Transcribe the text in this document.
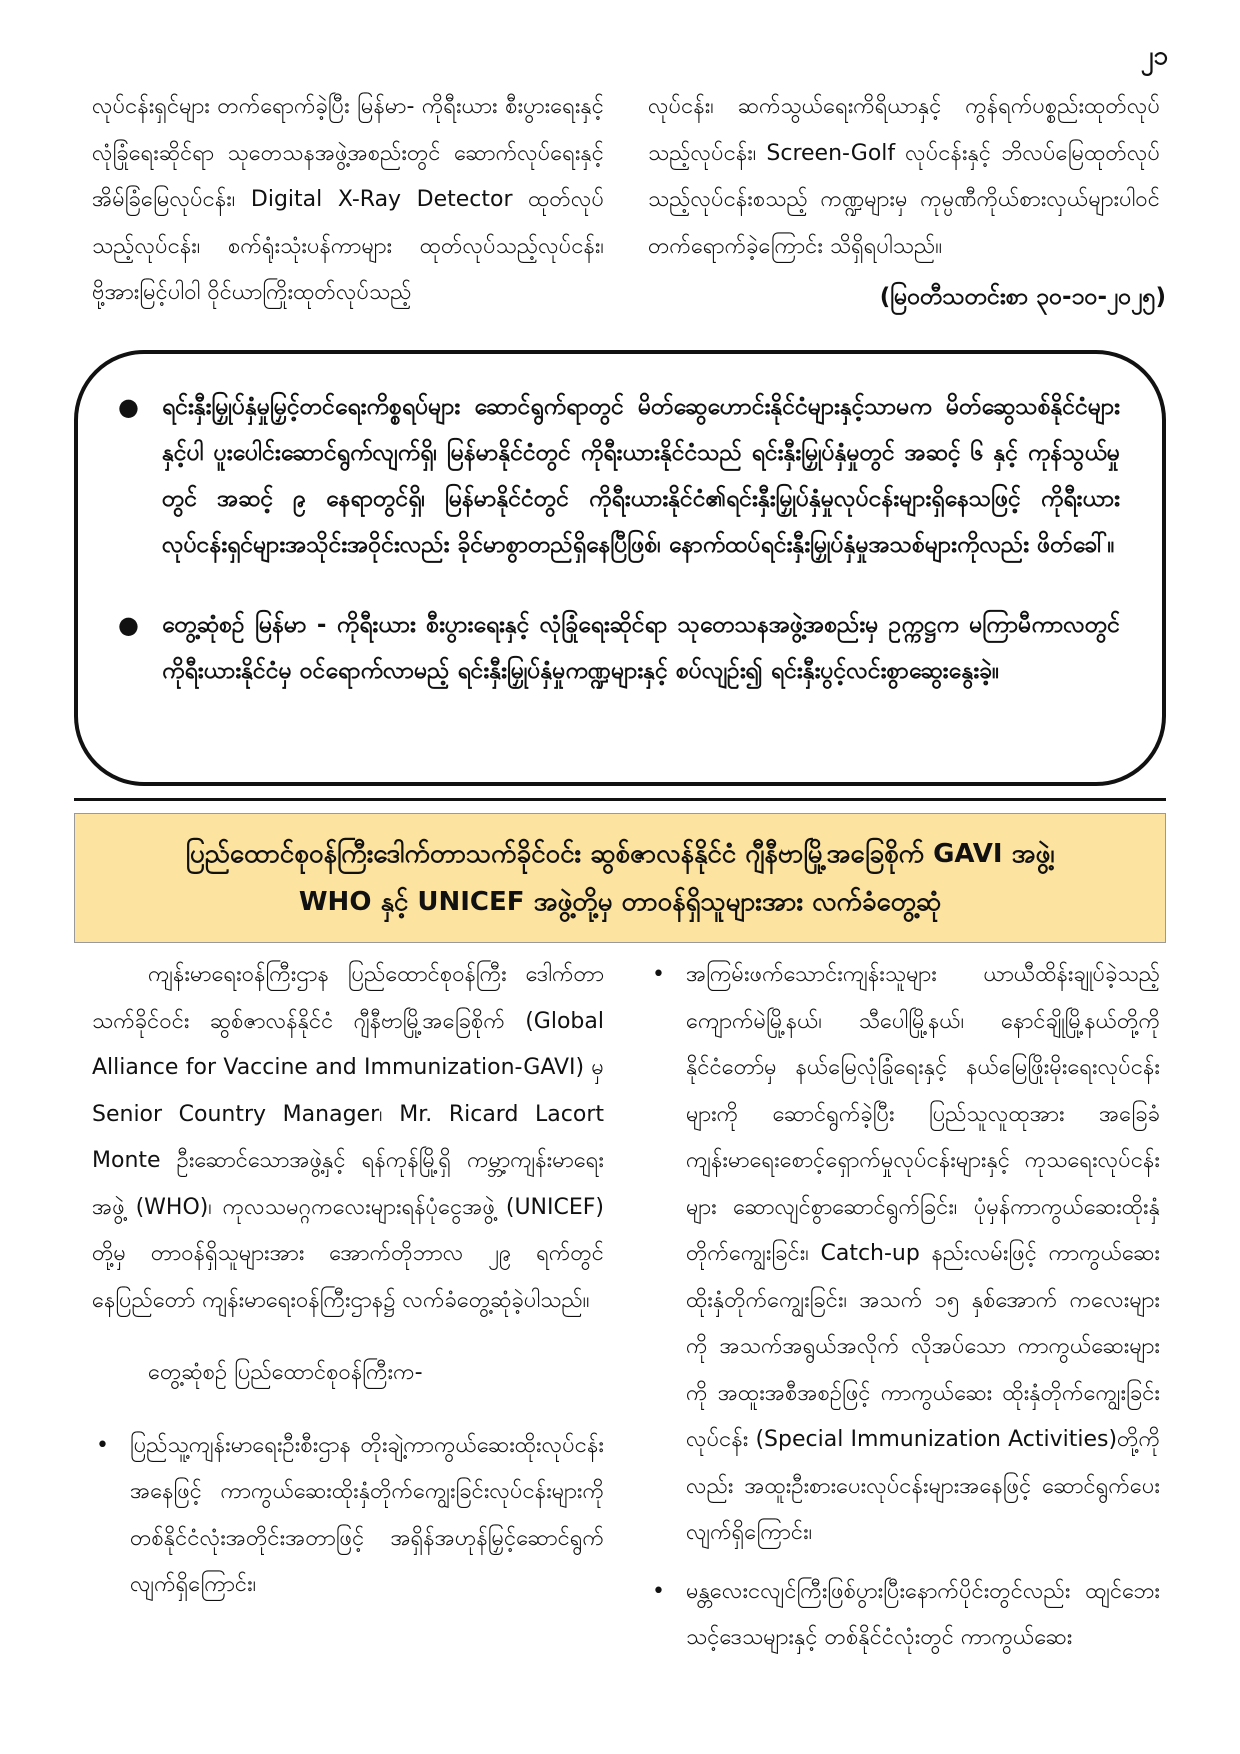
၂၁

လုပ်ငန်းရှင်များ တက်ရောက်ခဲ့ပြီး မြန်မာ- ကိုရီးယား စီးပွားရေးနှင့် လုံခြုံရေးဆိုင်ရာ သုတေသနအဖွဲ့အစည်းတွင် ဆောက်လုပ်ရေးနှင့် အိမ်ခြံမြေလုပ်ငန်း၊ Digital X-Ray Detector ထုတ်လုပ်သည့်လုပ်ငန်း၊ စက်ရုံးသုံးပန်ကာများ ထုတ်လုပ်သည့်လုပ်ငန်း၊ ဗို့အားမြင့်ပါဝါ ဝိုင်ယာကြိုးထုတ်လုပ်သည့်

လုပ်ငန်း၊ ဆက်သွယ်ရေးကိရိယာနှင့် ကွန်ရက်ပစ္စည်းထုတ်လုပ်သည့်လုပ်ငန်း၊ Screen-Golf လုပ်ငန်းနှင့် ဘိလပ်မြေထုတ်လုပ်သည့်လုပ်ငန်းစသည့် ကဏ္ဍများမှ ကုမ္ပဏီကိုယ်စားလှယ်များပါဝင်တက်ရောက်ခဲ့ကြောင်း သိရှိရပါသည်။

(မြဝတီသတင်းစာ ၃၀-၁၀-၂၀၂၅)
● ရင်းနှီးမြှုပ်နှံမှုမြှင့်တင်ရေးကိစ္စရပ်များ ဆောင်ရွက်ရာတွင် မိတ်ဆွေဟောင်းနိုင်ငံများနှင့်သာမက မိတ်ဆွေသစ်နိုင်ငံများနှင့်ပါ ပူးပေါင်းဆောင်ရွက်လျက်ရှိ၊ မြန်မာနိုင်ငံတွင် ကိုရီးယားနိုင်ငံသည် ရင်းနှီးမြှုပ်နှံမှုတွင် အဆင့် ၆ နှင့် ကုန်သွယ်မှုတွင် အဆင့် ၉ နေရာတွင်ရှိ၊ မြန်မာနိုင်ငံတွင် ကိုရီးယားနိုင်ငံ၏ရင်းနှီးမြှုပ်နှံမှုလုပ်ငန်းများရှိနေသဖြင့် ကိုရီးယား လုပ်ငန်းရှင်များအသိုင်းအဝိုင်းလည်း ခိုင်မာစွာတည်ရှိနေပြီဖြစ်၊ နောက်ထပ်ရင်းနှီးမြှုပ်နှံမှုအသစ်များကိုလည်း ဖိတ်ခေါ်။
● တွေ့ဆုံစဉ် မြန်မာ - ကိုရီးယား စီးပွားရေးနှင့် လုံခြုံရေးဆိုင်ရာ သုတေသနအဖွဲ့အစည်းမှ ဥက္ကဋ္ဌက မကြာမီကာလတွင် ကိုရီးယားနိုင်ငံမှ ဝင်ရောက်လာမည့် ရင်းနှီးမြှုပ်နှံမှုကဏ္ဍများနှင့် စပ်လျဉ်း၍ ရင်းနှီးပွင့်လင်းစွာဆွေးနွေးခဲ့။
ပြည်ထောင်စုဝန်ကြီးဒေါက်တာသက်ခိုင်ဝင်း ဆွစ်ဇာလန်နိုင်ငံ ဂျီနီဗာမြို့အခြေစိုက် GAVI အဖွဲ့၊
WHO နှင့် UNICEF အဖွဲ့တို့မှ တာဝန်ရှိသူများအား လက်ခံတွေ့ဆုံ

ကျန်းမာရေးဝန်ကြီးဌာန ပြည်ထောင်စုဝန်ကြီး ဒေါက်တာ သက်ခိုင်ဝင်း ဆွစ်ဇာလန်နိုင်ငံ ဂျီနီဗာမြို့အခြေစိုက် (Global Alliance for Vaccine and Immunization-GAVI) မှ Senior Country Manager၊ Mr. Ricard Lacort Monte ဦးဆောင်သောအဖွဲ့နှင့် ရန်ကုန်မြို့ရှိ ကမ္ဘာ့ကျန်းမာရေးအဖွဲ့ (WHO)၊ ကုလသမဂ္ဂကလေးများရန်ပုံငွေအဖွဲ့ (UNICEF) တို့မှ တာဝန်ရှိသူများအား အောက်တိုဘာလ ၂၉ ရက်တွင် နေပြည်တော် ကျန်းမာရေးဝန်ကြီးဌာန၌ လက်ခံတွေ့ဆုံခဲ့ပါသည်။

တွေ့ဆုံစဉ် ပြည်ထောင်စုဝန်ကြီးက-

• ပြည်သူ့ကျန်းမာရေးဦးစီးဌာန တိုးချဲ့ကာကွယ်ဆေးထိုးလုပ်ငန်းအနေဖြင့် ကာကွယ်ဆေးထိုးနှံတိုက်ကျွေးခြင်းလုပ်ငန်းများကို တစ်နိုင်ငံလုံးအတိုင်းအတာဖြင့် အရှိန်အဟုန်မြှင့်ဆောင်ရွက်လျက်ရှိကြောင်း၊

• အကြမ်းဖက်သောင်းကျန်းသူများ ယာယီထိန်းချုပ်ခဲ့သည့် ကျောက်မဲမြို့နယ်၊ သီပေါမြို့နယ်၊ နောင်ချိုမြို့နယ်တို့ကို နိုင်ငံတော်မှ နယ်မြေလုံခြုံရေးနှင့် နယ်မြေဖြိုးမိုးရေးလုပ်ငန်းများကို ဆောင်ရွက်ခဲ့ပြီး ပြည်သူလူထုအား အခြေခံကျန်းမာရေးစောင့်ရှောက်မှုလုပ်ငန်းများနှင့် ကုသရေးလုပ်ငန်းများ ဆောလျင်စွာဆောင်ရွက်ခြင်း၊ ပုံမှန်ကာကွယ်ဆေးထိုးနှံတိုက်ကျွေးခြင်း၊ Catch-up နည်းလမ်းဖြင့် ကာကွယ်ဆေးထိုးနှံတိုက်ကျွေးခြင်း၊ အသက် ၁၅ နှစ်အောက် ကလေးများကို အသက်အရွယ်အလိုက် လိုအပ်သော ကာကွယ်ဆေးများကို အထူးအစီအစဉ်ဖြင့် ကာကွယ်ဆေး ထိုးနှံတိုက်ကျွေးခြင်းလုပ်ငန်း (Special Immunization Activities)တို့ကိုလည်း အထူးဦးစားပေးလုပ်ငန်းများအနေဖြင့် ဆောင်ရွက်ပေးလျက်ရှိကြောင်း၊

• မန္တလေးငလျင်ကြီးဖြစ်ပွားပြီးနောက်ပိုင်းတွင်လည်း ထျင်ဘေးသင့်ဒေသများနှင့် တစ်နိုင်ငံလုံးတွင် ကာကွယ်ဆေး
